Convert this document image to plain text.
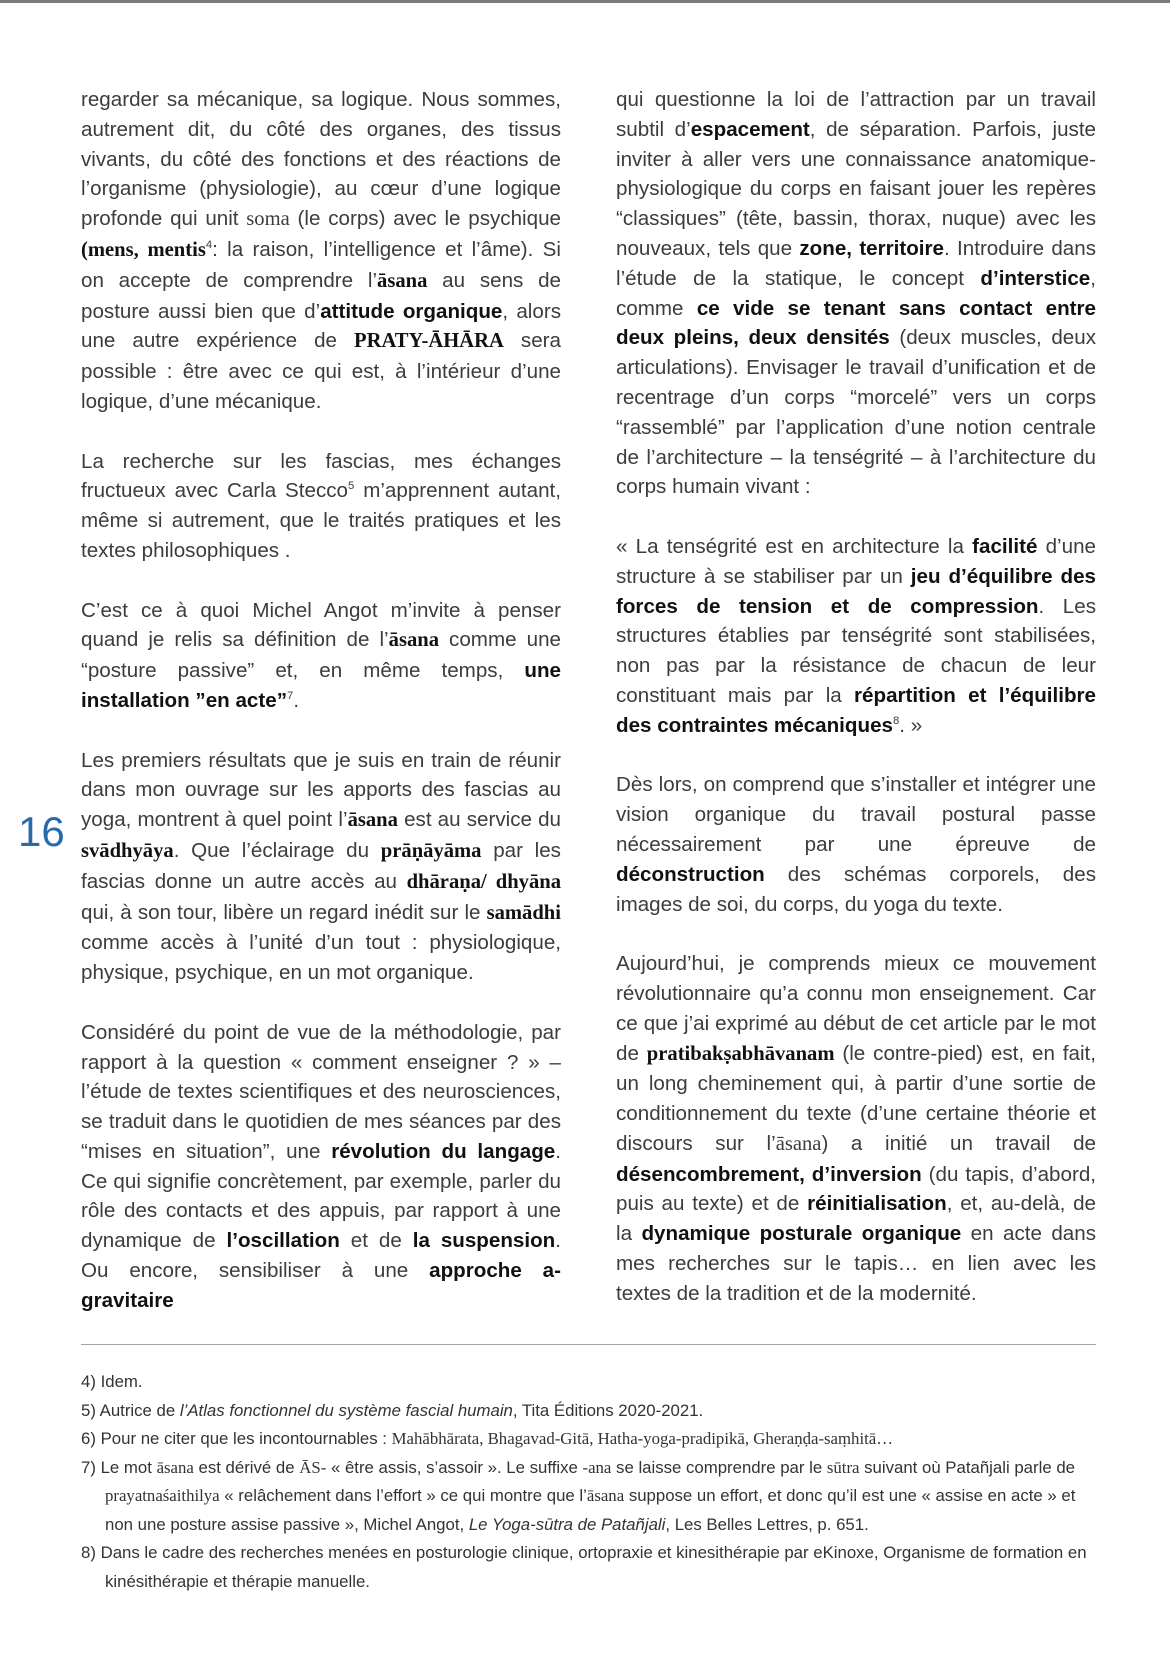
16

regarder sa mécanique, sa logique. Nous sommes, autrement dit, du côté des organes, des tissus vivants, du côté des fonctions et des réactions de l’organisme (physiologie), au cœur d’une logique profonde qui unit soma (le corps) avec le psychique (mens, mentis$^4$: la raison, l’intelligence et l’âme). Si on accepte de comprendre l’āsana au sens de posture aussi bien que d’attitude organique, alors une autre expérience de PRATY-ĀHĀRA sera possible : être avec ce qui est, à l’intérieur d’une logique, d’une mécanique.

La recherche sur les fascias, mes échanges fructueux avec Carla Stecco$^5$ m’apprennent autant, même si autrement, que le traités pratiques et les textes philosophiques .

C’est ce à quoi Michel Angot m’invite à penser quand je relis sa définition de l’āsana comme une “posture passive” et, en même temps, une installation ”en acte”$^7$.

Les premiers résultats que je suis en train de réunir dans mon ouvrage sur les apports des fascias au yoga, montrent à quel point l’āsana est au service du svādhyāya. Que l’éclairage du prāṇāyāma par les fascias donne un autre accès au dhāraṇa/ dhyāna qui, à son tour, libère un regard inédit sur le samādhi comme accès à l’unité d’un tout : physiologique, physique, psychique, en un mot organique.

Considéré du point de vue de la méthodologie, par rapport à la question « comment enseigner ? » – l’étude de textes scientifiques et des neurosciences, se traduit dans le quotidien de mes séances par des “mises en situation”, une révolution du langage. Ce qui signifie concrètement, par exemple, parler du rôle des contacts et des appuis, par rapport à une dynamique de l’oscillation et de la suspension. Ou encore, sensibiliser à une approche a-gravitaire

qui questionne la loi de l’attraction par un travail subtil d’espacement, de séparation. Parfois, juste inviter à aller vers une connaissance anatomique-physiologique du corps en faisant jouer les repères “classiques” (tête, bassin, thorax, nuque) avec les nouveaux, tels que zone, territoire. Introduire dans l’étude de la statique, le concept d’interstice, comme ce vide se tenant sans contact entre deux pleins, deux densités (deux muscles, deux articulations). Envisager le travail d’unification et de recentrage d’un corps “morcelé” vers un corps “rassemblé” par l’application d’une notion centrale de l’architecture – la tenségrité – à l’architecture du corps humain vivant :

« La tenségrité est en architecture la facilité d’une structure à se stabiliser par un jeu d’équilibre des forces de tension et de compression. Les structures établies par tenségrité sont stabilisées, non pas par la résistance de chacun de leur constituant mais par la répartition et l’équilibre des contraintes mécaniques$^8$. »

Dès lors, on comprend que s’installer et intégrer une vision organique du travail postural passe nécessairement par une épreuve de déconstruction des schémas corporels, des images de soi, du corps, du yoga du texte.

Aujourd’hui, je comprends mieux ce mouvement révolutionnaire qu’a connu mon enseignement. Car ce que j’ai exprimé au début de cet article par le mot de pratibakṣabhāvanam (le contre-pied) est, en fait, un long cheminement qui, à partir d’une sortie de conditionnement du texte (d’une certaine théorie et discours sur l’āsana) a initié un travail de désencombrement, d’inversion (du tapis, d’abord, puis au texte) et de réinitialisation, et, au-delà, de la dynamique posturale organique en acte dans mes recherches sur le tapis… en lien avec les textes de la tradition et de la modernité.

4) Idem.

5) Autrice de l’Atlas fonctionnel du système fascial humain, Tita Éditions 2020-2021.

6) Pour ne citer que les incontournables : Mahābhārata, Bhagavad-Gitā, Hatha-yoga-pradipikā, Gheraṇḍa-saṃhitā…

7) Le mot āsana est dérivé de ĀS- « être assis, s’assoir ». Le suffixe -ana se laisse comprendre par le sūtra suivant où Patañjali parle de prayatnaśaithilya « relâchement dans l’effort » ce qui montre que l’āsana suppose un effort, et donc qu’il est une « assise en acte » et non une posture assise passive », Michel Angot, Le Yoga-sūtra de Patañjali, Les Belles Lettres, p. 651.

8) Dans le cadre des recherches menées en posturologie clinique, ortopraxie et kinesithérapie par eKinoxe, Organisme de formation en kinésithérapie et thérapie manuelle.
